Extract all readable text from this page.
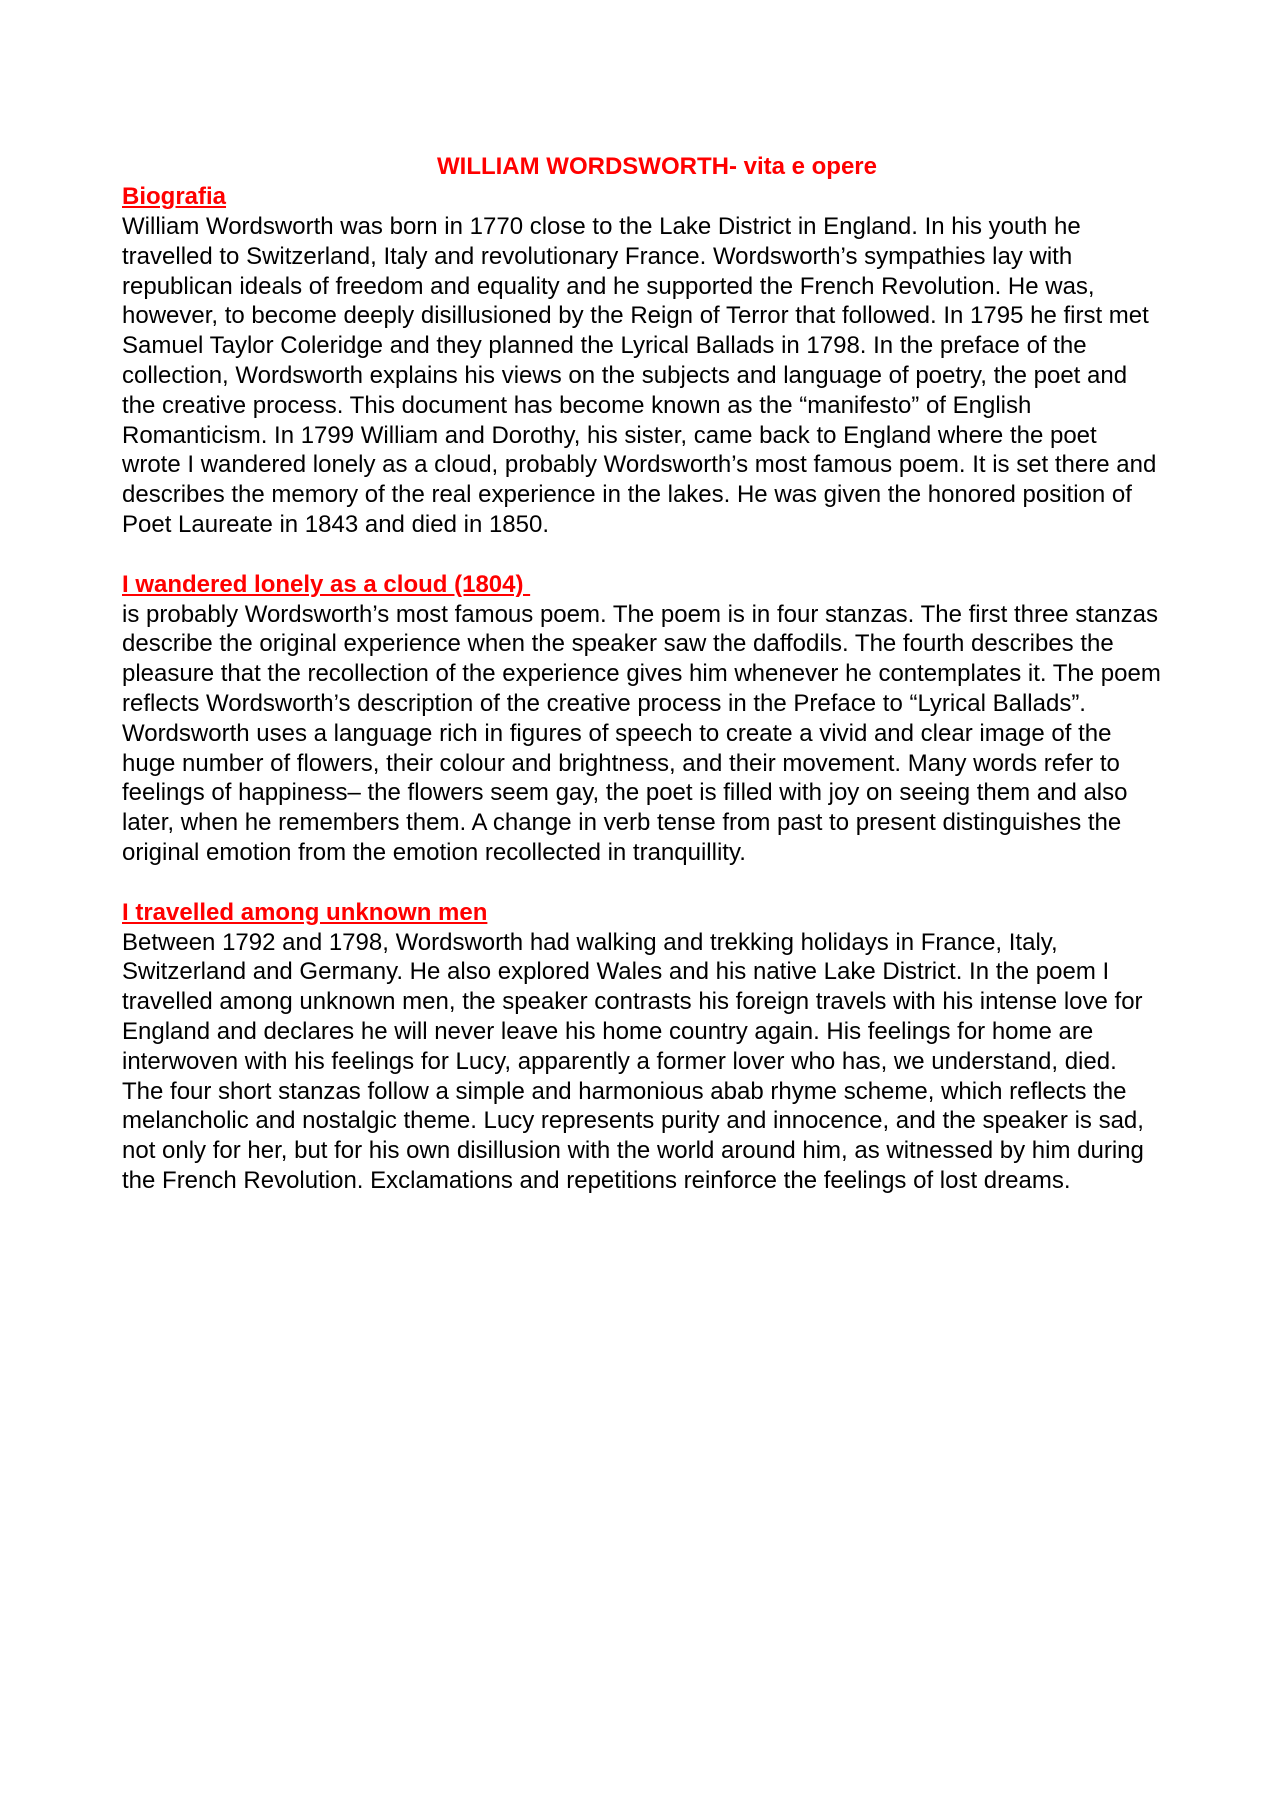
WILLIAM WORDSWORTH- vita e opere
Biografia

William Wordsworth was born in 1770 close to the Lake District in England. In his youth he travelled to Switzerland, Italy and revolutionary France. Wordsworth’s sympathies lay with republican ideals of freedom and equality and he supported the French Revolution. He was, however, to become deeply disillusioned by the Reign of Terror that followed. In 1795 he first met Samuel Taylor Coleridge and they planned the Lyrical Ballads in 1798. In the preface of the collection, Wordsworth explains his views on the subjects and language of poetry, the poet and the creative process. This document has become known as the “manifesto” of English Romanticism. In 1799 William and Dorothy, his sister, came back to England where the poet wrote I wandered lonely as a cloud, probably Wordsworth’s most famous poem. It is set there and describes the memory of the real experience in the lakes. He was given the honored position of Poet Laureate in 1843 and died in 1850.

I wandered lonely as a cloud (1804)

is probably Wordsworth’s most famous poem. The poem is in four stanzas. The first three stanzas describe the original experience when the speaker saw the daffodils. The fourth describes the pleasure that the recollection of the experience gives him whenever he contemplates it. The poem reflects Wordsworth’s description of the creative process in the Preface to “Lyrical Ballads”. Wordsworth uses a language rich in figures of speech to create a vivid and clear image of the huge number of flowers, their colour and brightness, and their movement. Many words refer to feelings of happiness– the flowers seem gay, the poet is filled with joy on seeing them and also later, when he remembers them. A change in verb tense from past to present distinguishes the original emotion from the emotion recollected in tranquillity.

I travelled among unknown men

Between 1792 and 1798, Wordsworth had walking and trekking holidays in France, Italy, Switzerland and Germany. He also explored Wales and his native Lake District. In the poem I travelled among unknown men, the speaker contrasts his foreign travels with his intense love for England and declares he will never leave his home country again. His feelings for home are interwoven with his feelings for Lucy, apparently a former lover who has, we understand, died. The four short stanzas follow a simple and harmonious abab rhyme scheme, which reflects the melancholic and nostalgic theme. Lucy represents purity and innocence, and the speaker is sad, not only for her, but for his own disillusion with the world around him, as witnessed by him during the French Revolution. Exclamations and repetitions reinforce the feelings of lost dreams.
